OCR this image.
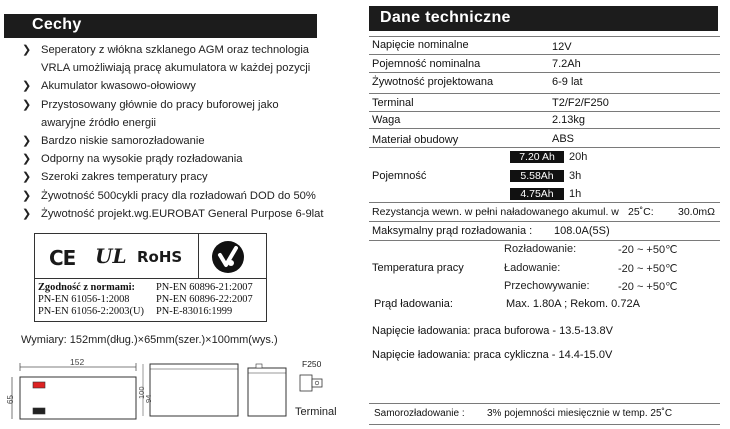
Cechy
❯ Seperatory z włókna szklanego AGM oraz technologia
VRLA umożliwiają pracę akumulatora w każdej pozycji
❯ Akumulator kwasowo-ołowiowy
❯ Przystosowany głównie do pracy buforowej jako
awaryjne źródło energii
❯ Bardzo niskie samorozładowanie
❯ Odporny na wysokie prądy rozładowania
❯ Szeroki zakres temperatury pracy
❯ Żywotność 500cykli pracy dla rozładowań DOD do 50%
❯ Żywotność projekt.wg.EUROBAT General Purpose 6-9lat
CE UL RoHS
Zgodność z normami:	PN-EN 60896-21:2007
PN-EN 61056-1:2008	PN-EN 60896-22:2007
PN-EN 61056-2:2003(U)	PN-E-83016:1999
Wymiary: 152mm(dług.)×65mm(szer.)×100mm(wys.)
152
65
100
94
F250
Terminal
Dane techniczne
Napięcie nominalne	12V
Pojemność nominalna	7.2Ah
Żywotność projektowana	6-9 lat
Terminal	T2/F2/F250
Waga	2.13kg
Materiał obudowy	ABS
Pojemność
7.20 Ah	20h
5.58Ah	3h
4.75Ah	1h
Rezystancja wewn. w pełni naładowanego akumul. w 25˚C: 30.0mΩ
Maksymalny prąd rozładowania : 108.0A(5S)
Temperatura pracy
Rozładowanie:	-20 ~ +50℃
Ładowanie:	-20 ~ +50℃
Przechowywanie:	-20 ~ +50℃
Prąd ładowania:	Max. 1.80A ; Rekom. 0.72A
Napięcie ładowania: praca buforowa - 13.5-13.8V
Napięcie ładowania: praca cykliczna - 14.4-15.0V
Samorozładowanie : 3% pojemności miesięcznie w temp. 25˚C
